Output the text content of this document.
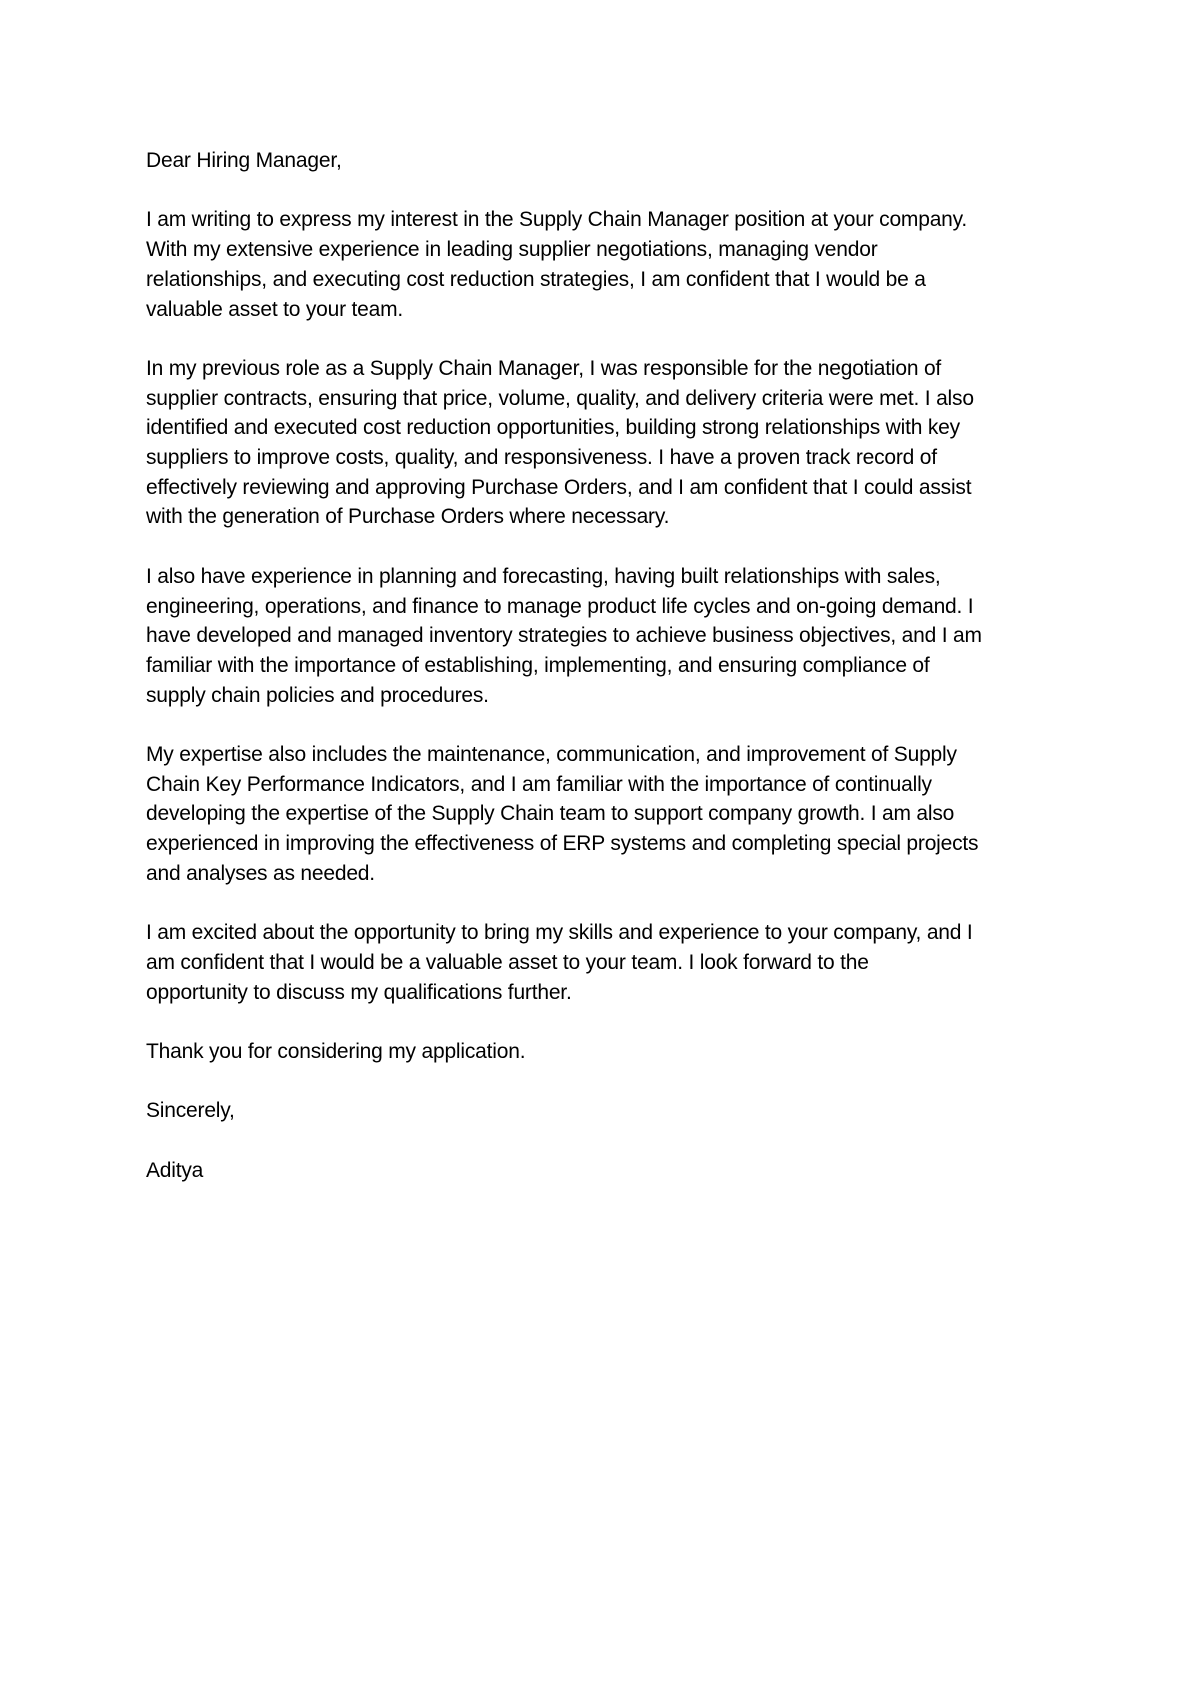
Dear Hiring Manager,

I am writing to express my interest in the Supply Chain Manager position at your company.
With my extensive experience in leading supplier negotiations, managing vendor
relationships, and executing cost reduction strategies, I am confident that I would be a
valuable asset to your team.

In my previous role as a Supply Chain Manager, I was responsible for the negotiation of
supplier contracts, ensuring that price, volume, quality, and delivery criteria were met. I also
identified and executed cost reduction opportunities, building strong relationships with key
suppliers to improve costs, quality, and responsiveness. I have a proven track record of
effectively reviewing and approving Purchase Orders, and I am confident that I could assist
with the generation of Purchase Orders where necessary.

I also have experience in planning and forecasting, having built relationships with sales,
engineering, operations, and finance to manage product life cycles and on-going demand. I
have developed and managed inventory strategies to achieve business objectives, and I am
familiar with the importance of establishing, implementing, and ensuring compliance of
supply chain policies and procedures.

My expertise also includes the maintenance, communication, and improvement of Supply
Chain Key Performance Indicators, and I am familiar with the importance of continually
developing the expertise of the Supply Chain team to support company growth. I am also
experienced in improving the effectiveness of ERP systems and completing special projects
and analyses as needed.

I am excited about the opportunity to bring my skills and experience to your company, and I
am confident that I would be a valuable asset to your team. I look forward to the
opportunity to discuss my qualifications further.

Thank you for considering my application.

Sincerely,

Aditya
